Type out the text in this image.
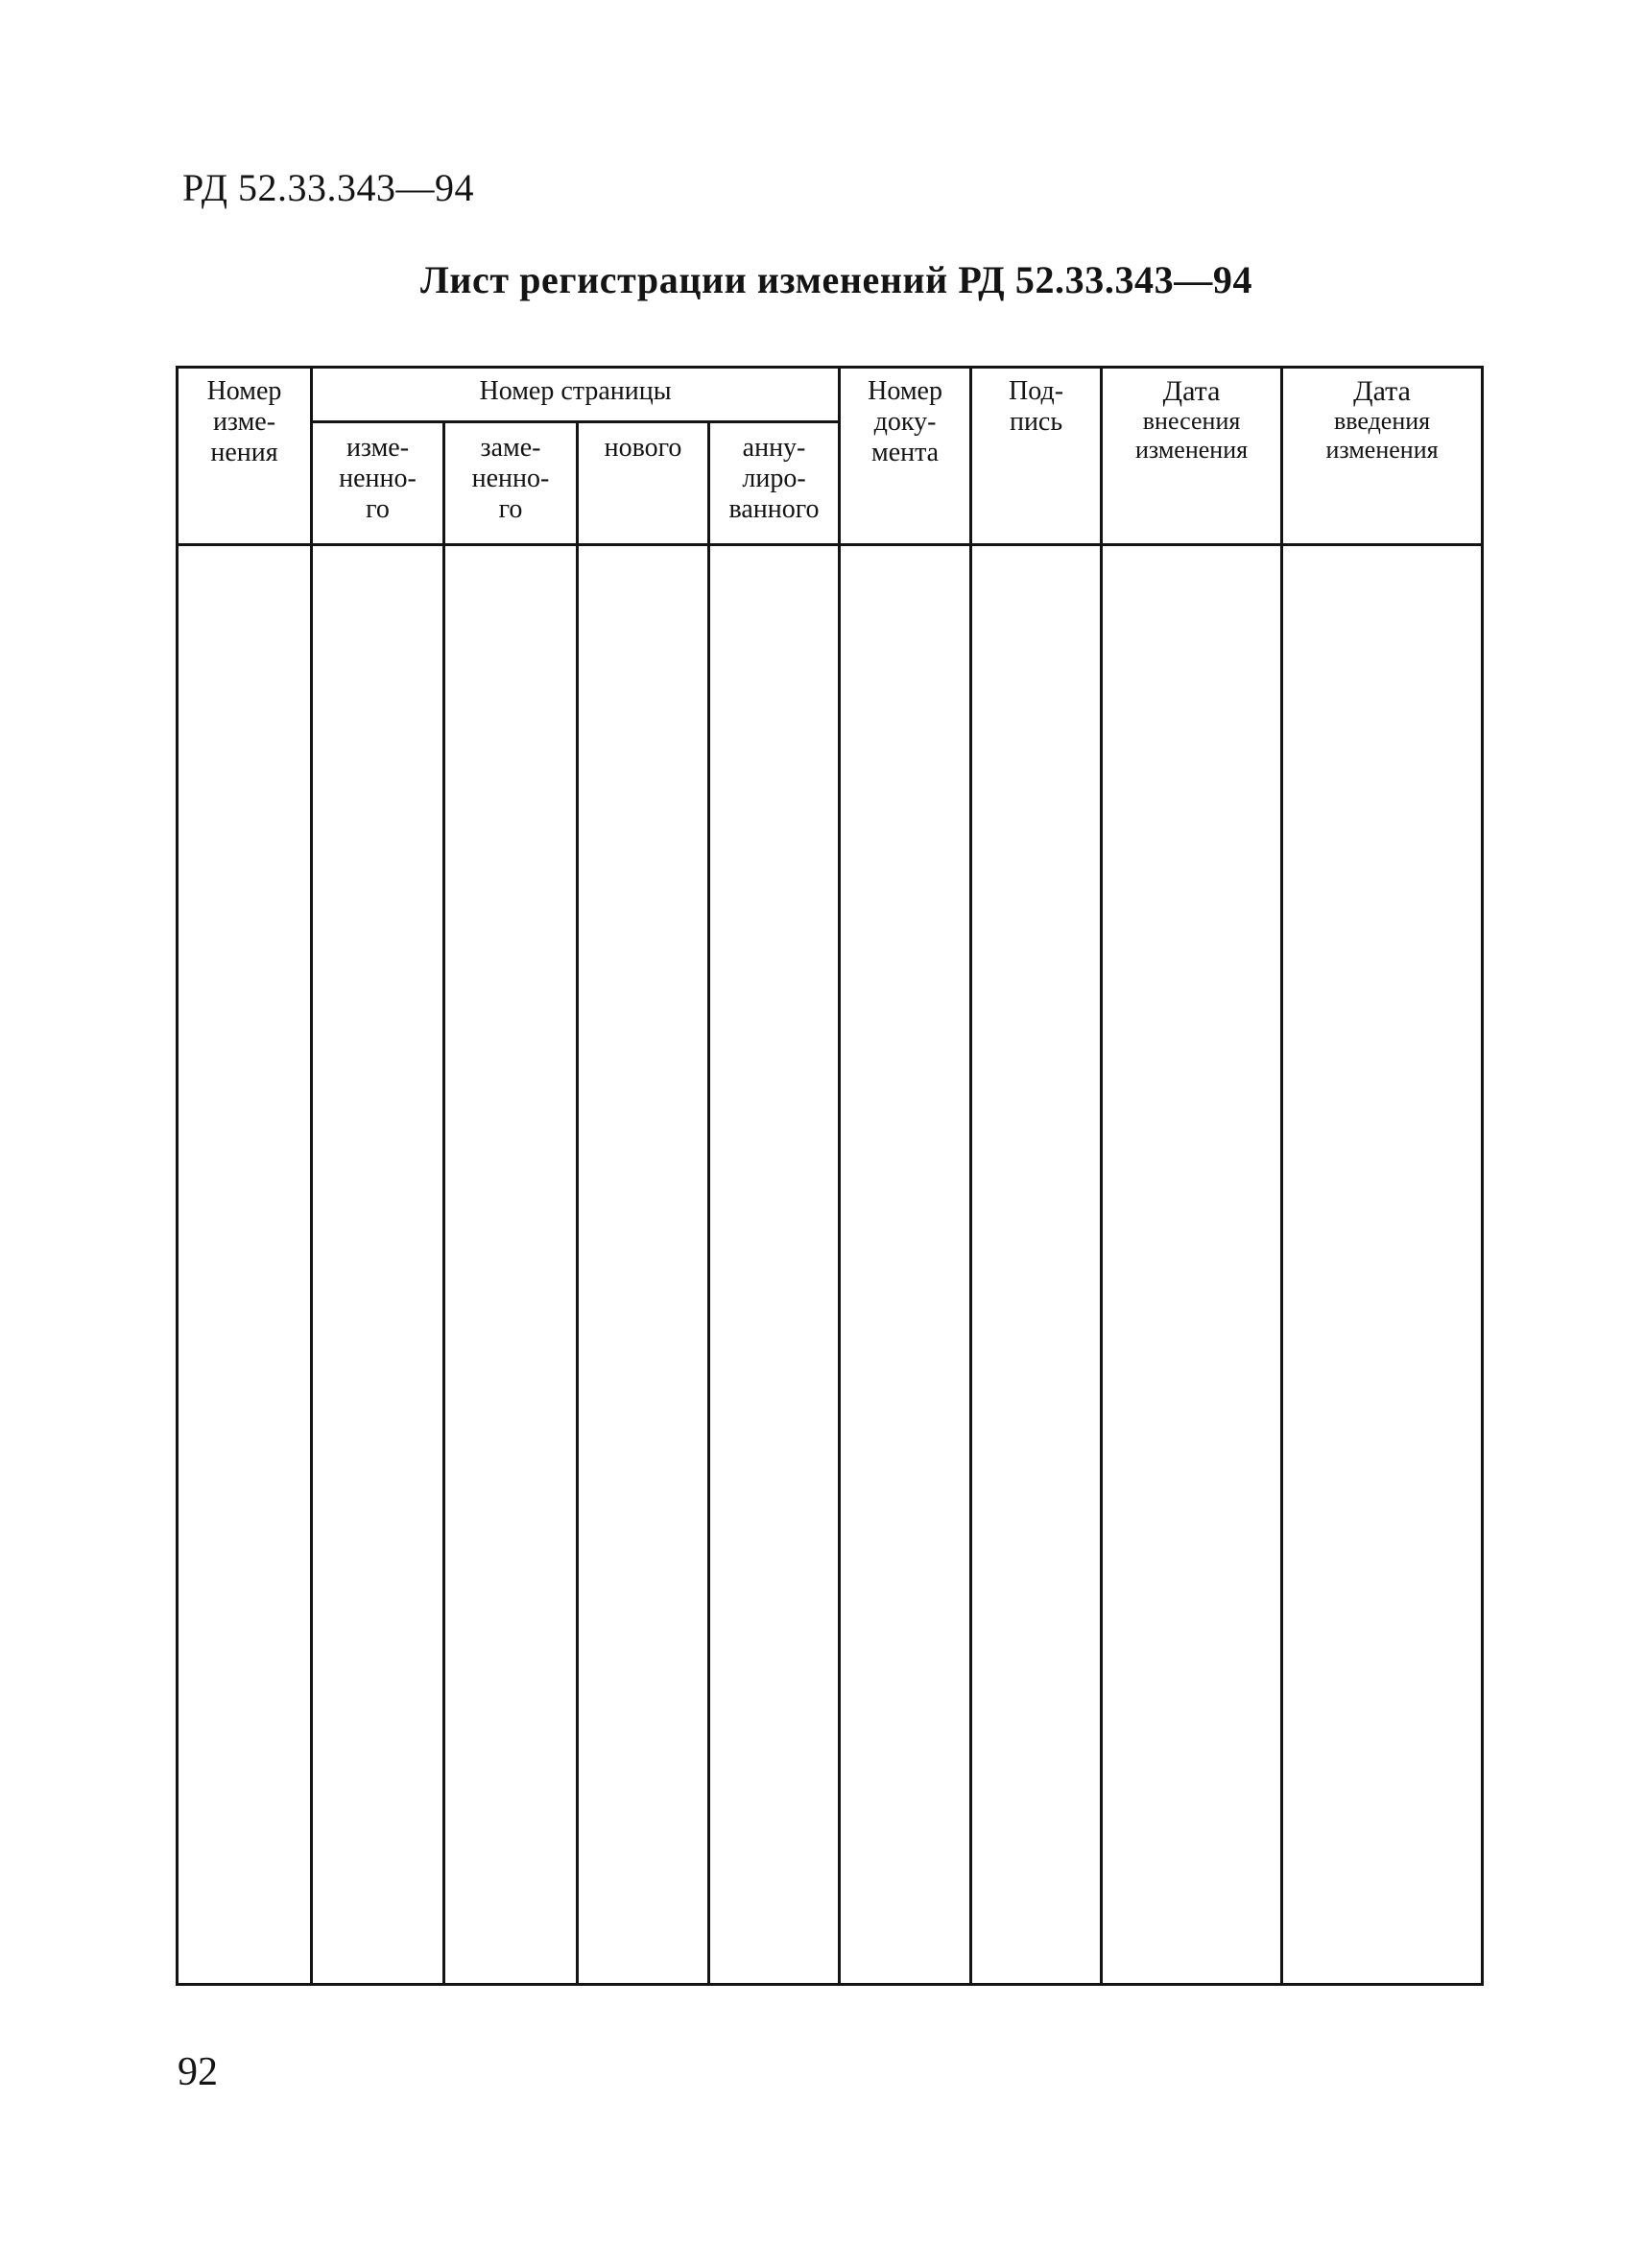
РД 52.33.343—94
Лист регистрации изменений РД 52.33.343—94
Номер
изме-
нения	Номер страницы				Номер
доку-
мента	Под-
пись	Дата
внесения
изменения	Дата
введения
изменения

	изме-
ненно-
го	заме-
ненно-
го	нового	анну-
лиро-
ванного				

92
